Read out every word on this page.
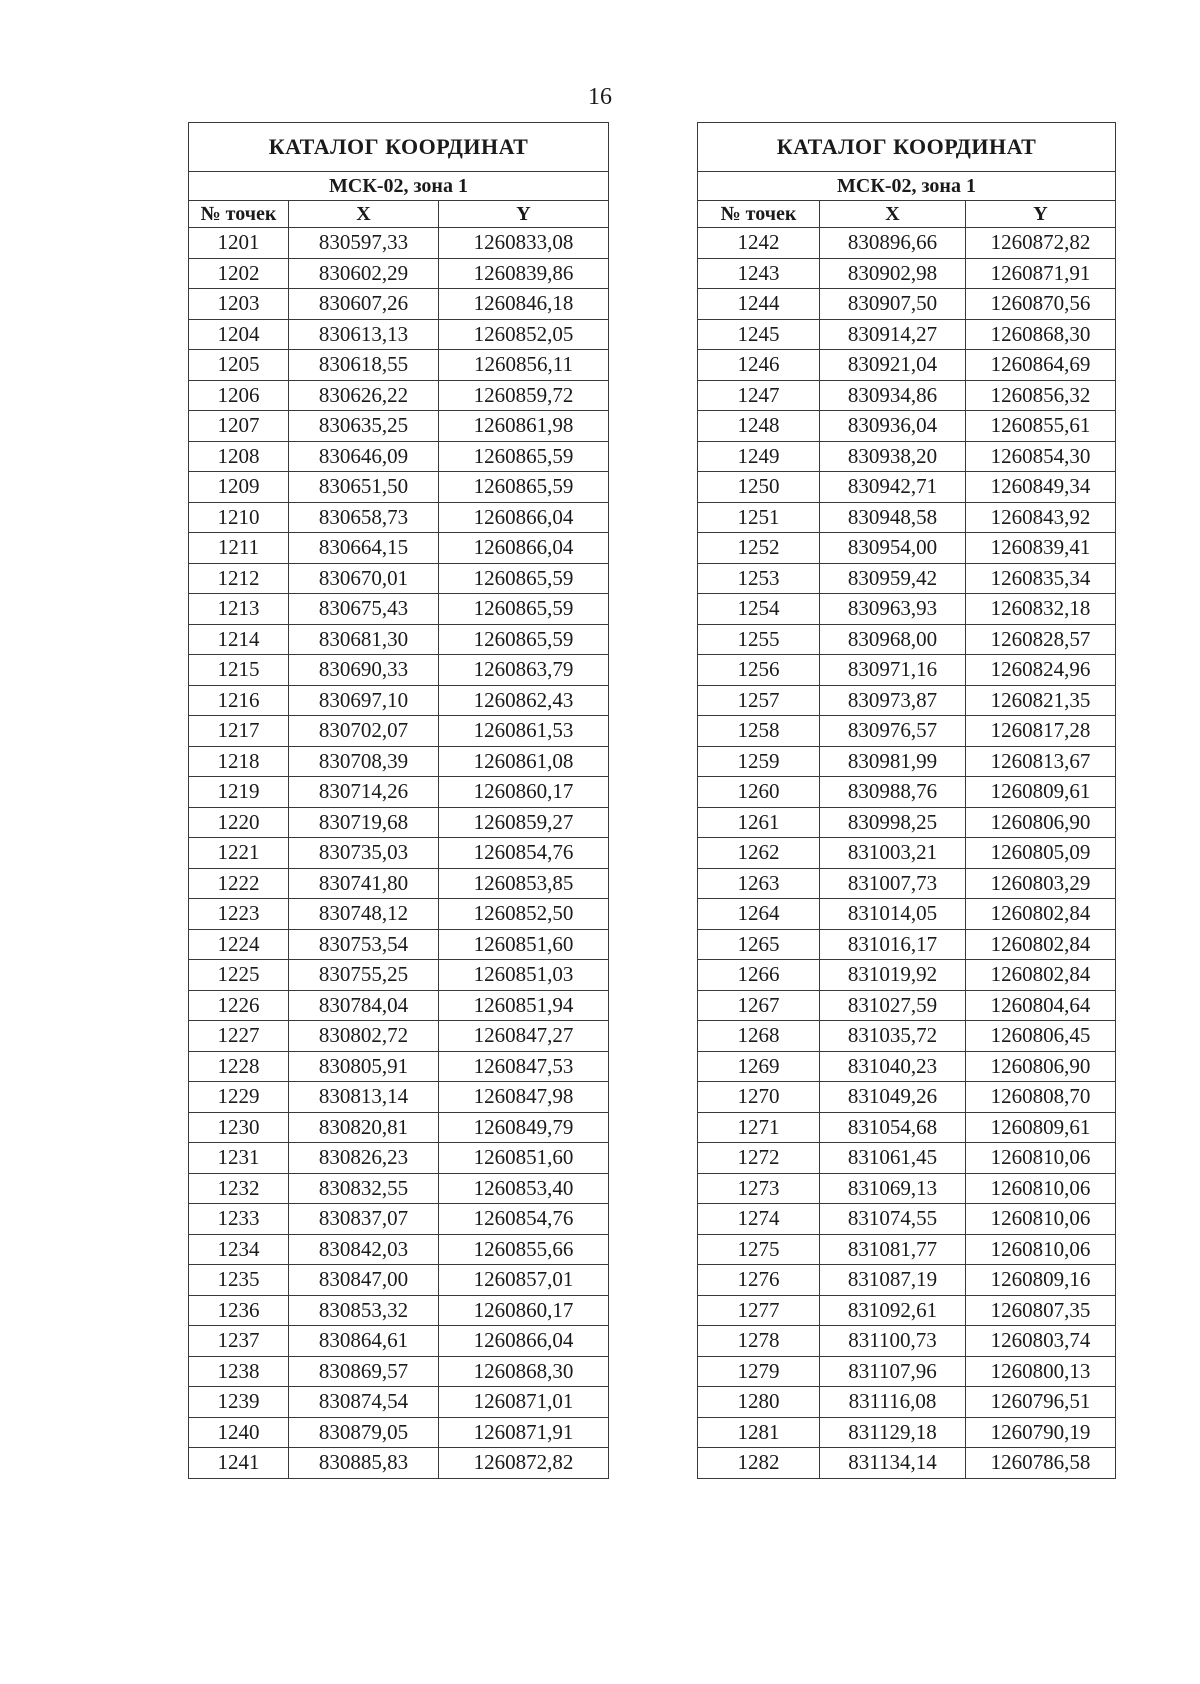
16
КАТАЛОГ КООРДИНАТ		
МСК-02, зона 1		
№ точек	X	Y
1201	830597,33	1260833,08
1202	830602,29	1260839,86
1203	830607,26	1260846,18
1204	830613,13	1260852,05
1205	830618,55	1260856,11
1206	830626,22	1260859,72
1207	830635,25	1260861,98
1208	830646,09	1260865,59
1209	830651,50	1260865,59
1210	830658,73	1260866,04
1211	830664,15	1260866,04
1212	830670,01	1260865,59
1213	830675,43	1260865,59
1214	830681,30	1260865,59
1215	830690,33	1260863,79
1216	830697,10	1260862,43
1217	830702,07	1260861,53
1218	830708,39	1260861,08
1219	830714,26	1260860,17
1220	830719,68	1260859,27
1221	830735,03	1260854,76
1222	830741,80	1260853,85
1223	830748,12	1260852,50
1224	830753,54	1260851,60
1225	830755,25	1260851,03
1226	830784,04	1260851,94
1227	830802,72	1260847,27
1228	830805,91	1260847,53
1229	830813,14	1260847,98
1230	830820,81	1260849,79
1231	830826,23	1260851,60
1232	830832,55	1260853,40
1233	830837,07	1260854,76
1234	830842,03	1260855,66
1235	830847,00	1260857,01
1236	830853,32	1260860,17
1237	830864,61	1260866,04
1238	830869,57	1260868,30
1239	830874,54	1260871,01
1240	830879,05	1260871,91
1241	830885,83	1260872,82
КАТАЛОГ КООРДИНАТ		
МСК-02, зона 1		
№ точек	X	Y
1242	830896,66	1260872,82
1243	830902,98	1260871,91
1244	830907,50	1260870,56
1245	830914,27	1260868,30
1246	830921,04	1260864,69
1247	830934,86	1260856,32
1248	830936,04	1260855,61
1249	830938,20	1260854,30
1250	830942,71	1260849,34
1251	830948,58	1260843,92
1252	830954,00	1260839,41
1253	830959,42	1260835,34
1254	830963,93	1260832,18
1255	830968,00	1260828,57
1256	830971,16	1260824,96
1257	830973,87	1260821,35
1258	830976,57	1260817,28
1259	830981,99	1260813,67
1260	830988,76	1260809,61
1261	830998,25	1260806,90
1262	831003,21	1260805,09
1263	831007,73	1260803,29
1264	831014,05	1260802,84
1265	831016,17	1260802,84
1266	831019,92	1260802,84
1267	831027,59	1260804,64
1268	831035,72	1260806,45
1269	831040,23	1260806,90
1270	831049,26	1260808,70
1271	831054,68	1260809,61
1272	831061,45	1260810,06
1273	831069,13	1260810,06
1274	831074,55	1260810,06
1275	831081,77	1260810,06
1276	831087,19	1260809,16
1277	831092,61	1260807,35
1278	831100,73	1260803,74
1279	831107,96	1260800,13
1280	831116,08	1260796,51
1281	831129,18	1260790,19
1282	831134,14	1260786,58
